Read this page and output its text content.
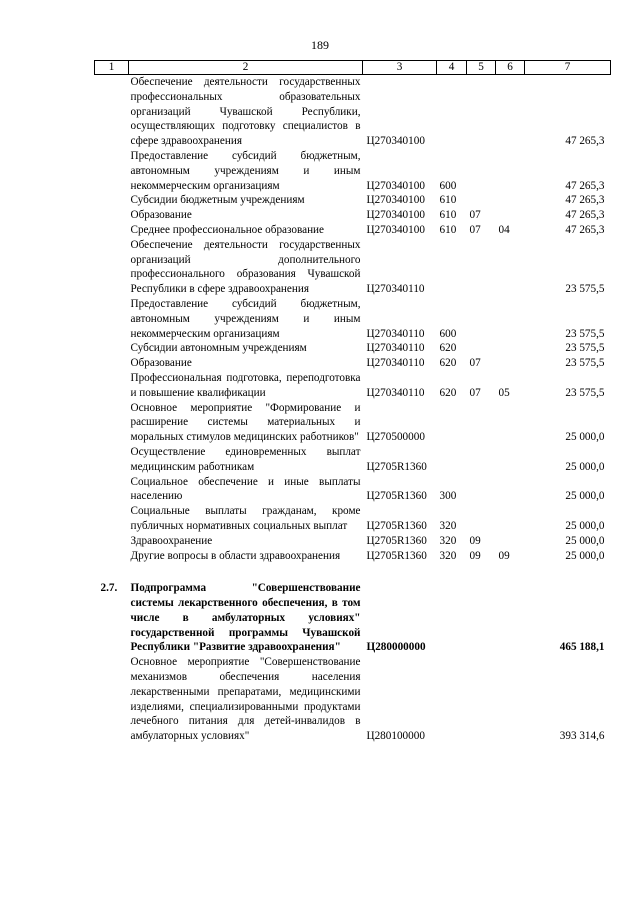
189
1	2	3	4	5	6	7
	Обеспечение деятельности государственных профессиональных образовательных организаций Чувашской Республики, осуществляющих подготовку специалистов в сфере здравоохранения	Ц270340100				47 265,3
	Предоставление субсидий бюджетным, автономным учреждениям и иным некоммерческим организациям	Ц270340100	600			47 265,3
	Субсидии бюджетным учреждениям	Ц270340100	610			47 265,3
	Образование	Ц270340100	610	07		47 265,3
	Среднее профессиональное образование	Ц270340100	610	07	04	47 265,3
	Обеспечение деятельности государственных организаций дополнительного профессионального образования Чувашской Республики в сфере здравоохранения	Ц270340110				23 575,5
	Предоставление субсидий бюджетным, автономным учреждениям и иным некоммерческим организациям	Ц270340110	600			23 575,5
	Субсидии автономным учреждениям	Ц270340110	620			23 575,5
	Образование	Ц270340110	620	07		23 575,5
	Профессиональная подготовка, переподготовка и повышение квалификации	Ц270340110	620	07	05	23 575,5
	Основное мероприятие "Формирование и расширение системы материальных и моральных стимулов медицинских работников"	Ц270500000				25 000,0
	Осуществление единовременных выплат медицинским работникам	Ц2705R1360				25 000,0
	Социальное обеспечение и иные выплаты населению	Ц2705R1360	300			25 000,0
	Социальные выплаты гражданам, кроме публичных нормативных социальных выплат	Ц2705R1360	320			25 000,0
	Здравоохранение	Ц2705R1360	320	09		25 000,0
	Другие вопросы в области здравоохранения	Ц2705R1360	320	09	09	25 000,0

2.7.	Подпрограмма "Совершенствование системы лекарственного обеспечения, в том числе в амбулаторных условиях" государственной программы Чувашской Республики "Развитие здравоохранения"	Ц280000000				465 188,1
	Основное мероприятие "Совершенствование механизмов обеспечения населения лекарственными препаратами, медицинскими изделиями, специализированными продуктами лечебного питания для детей-инвалидов в амбулаторных условиях"	Ц280100000				393 314,6
